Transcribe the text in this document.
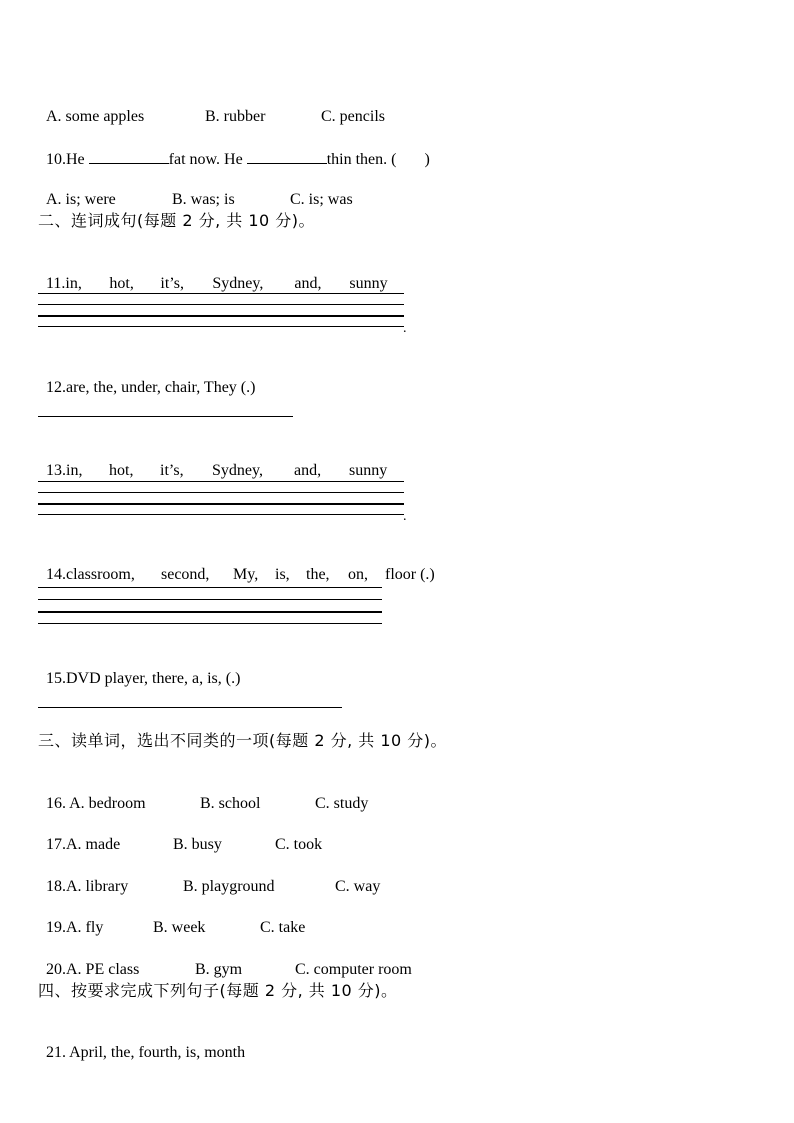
A. some apples	B. rubber	C. pencils

10.He	fat now. He	thin then. ( )

A. is; were	B. was; is	C. is; was

二、连词成句(每题 2 分, 共 10 分)。

11.in, hot, it’s, Sydney, and, sunny

.

12.are, the, under, chair, They (.)

13.in, hot, it’s, Sydney, and, sunny

.

14.classroom, second, My, is, the, on, floor (.)

15.DVD player, there, a, is, (.)

三、读单词，选出不同类的一项(每题 2 分, 共 10 分)。

16. A. bedroom	B. school	C. study

17.A. made	B. busy	C. took

18.A. library	B. playground	C. way

19.A. fly	B. week	C. take

20.A. PE class	B. gym	C. computer room

四、按要求完成下列句子(每题 2 分, 共 10 分)。

21. April, the, fourth, is, month
